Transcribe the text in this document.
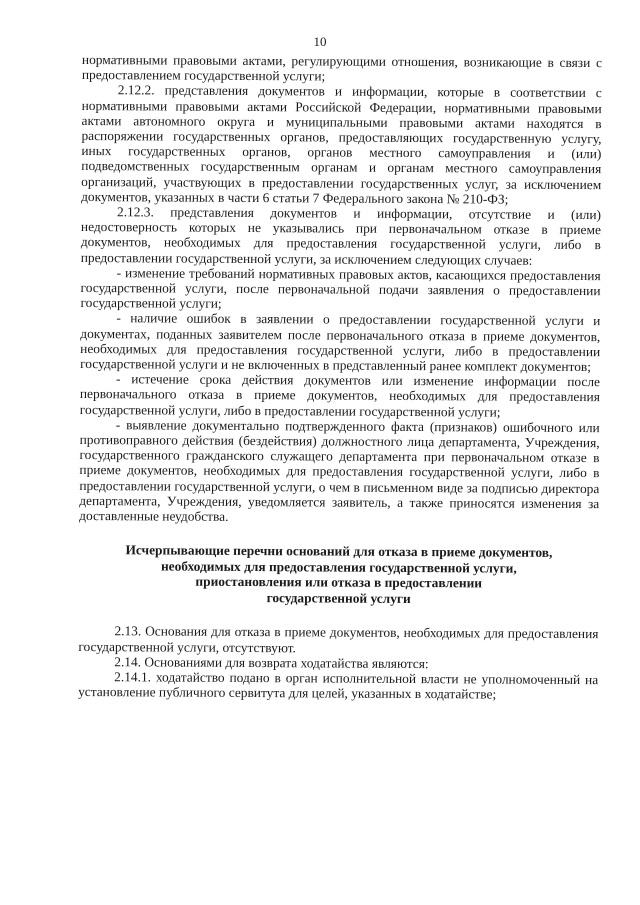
10

нормативными правовыми актами, регулирующими отношения, возникающие в связи с предоставлением государственной услуги;

2.12.2. представления документов и информации, которые в соответствии с нормативными правовыми актами Российской Федерации, нормативными правовыми актами автономного округа и муниципальными правовыми актами находятся в распоряжении государственных органов, предоставляющих государственную услугу, иных государственных органов, органов местного самоуправления и (или) подведомственных государственным органам и органам местного самоуправления организаций, участвующих в предоставлении государственных услуг, за исключением документов, указанных в части 6 статьи 7 Федерального закона № 210-ФЗ;

2.12.3. представления документов и информации, отсутствие и (или) недостоверность которых не указывались при первоначальном отказе в приеме документов, необходимых для предоставления государственной услуги, либо в предоставлении государственной услуги, за исключением следующих случаев:

- изменение требований нормативных правовых актов, касающихся предоставления государственной услуги, после первоначальной подачи заявления о предоставлении государственной услуги;

- наличие ошибок в заявлении о предоставлении государственной услуги и документах, поданных заявителем после первоначального отказа в приеме документов, необходимых для предоставления государственной услуги, либо в предоставлении государственной услуги и не включенных в представленный ранее комплект документов;

- истечение срока действия документов или изменение информации после первоначального отказа в приеме документов, необходимых для предоставления государственной услуги, либо в предоставлении государственной услуги;

- выявление документально подтвержденного факта (признаков) ошибочного или противоправного действия (бездействия) должностного лица департамента, Учреждения, государственного гражданского служащего департамента при первоначальном отказе в приеме документов, необходимых для предоставления государственной услуги, либо в предоставлении государственной услуги, о чем в письменном виде за подписью директора департамента, Учреждения, уведомляется заявитель, а также приносятся изменения за доставленные неудобства.

Исчерпывающие перечни оснований для отказа в приеме документов,
необходимых для предоставления государственной услуги,
приостановления или отказа в предоставлении
государственной услуги

2.13. Основания для отказа в приеме документов, необходимых для предоставления государственной услуги, отсутствуют.

2.14. Основаниями для возврата ходатайства являются:

2.14.1. ходатайство подано в орган исполнительной власти не уполномоченный на установление публичного сервитута для целей, указанных в ходатайстве;
